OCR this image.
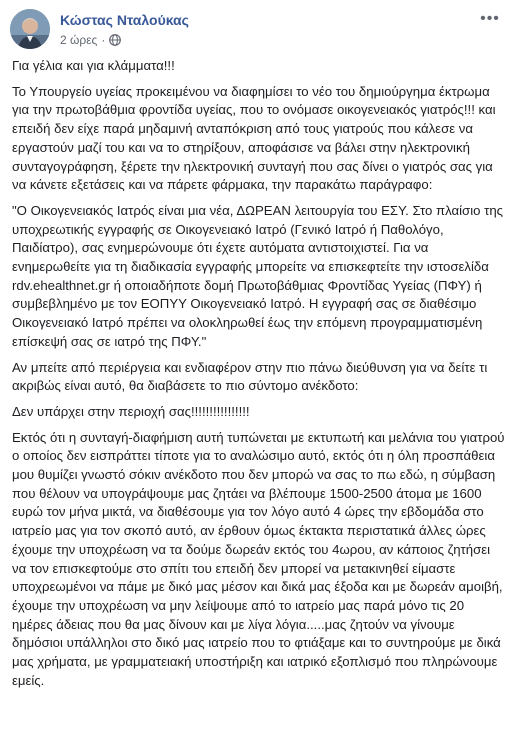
Κώστας Νταλούκας
2 ώρες ·
•••

Για γέλια και για κλάμματα!!!

Το Υπουργείο υγείας προκειμένου να διαφημίσει το νέο του δημιούργημα έκτρωμα για την πρωτοβάθμια φροντίδα υγείας, που το ονόμασε οικογενειακός γιατρός!!! και επειδή δεν είχε παρά μηδαμινή ανταπόκριση από τους γιατρούς που κάλεσε να εργαστούν μαζί του και να το στηρίξουν, αποφάσισε να βάλει στην ηλεκτρονική συνταγογράφηση, ξέρετε την ηλεκτρονική συνταγή που σας δίνει ο γιατρός σας για να κάνετε εξετάσεις και να πάρετε φάρμακα, την παρακάτω παράγραφο:

"Ο Οικογενειακός Ιατρός είναι μια νέα, ΔΩΡΕΑΝ λειτουργία του ΕΣΥ. Στο πλαίσιο της υποχρεωτικής εγγραφής σε Οικογενειακό Ιατρό (Γενικό Ιατρό ή Παθολόγο, Παιδίατρο), σας ενημερώνουμε ότι έχετε αυτόματα αντιστοιχιστεί. Για να ενημερωθείτε για τη διαδικασία εγγραφής μπορείτε να επισκεφτείτε την ιστοσελίδα rdv.ehealthnet.gr ή οποιαδήποτε δομή Πρωτοβάθμιας Φροντίδας Υγείας (ΠΦΥ) ή συμβεβλημένο με τον ΕΟΠΥΥ Οικογενειακό Ιατρό. Η εγγραφή σας σε διαθέσιμο Οικογενειακό Ιατρό πρέπει να ολοκληρωθεί έως την επόμενη προγραμματισμένη επίσκεψή σας σε ιατρό της ΠΦΥ."

Αν μπείτε από περιέργεια και ενδιαφέρον στην πιο πάνω διεύθυνση για να δείτε τι ακριβώς είναι αυτό, θα διαβάσετε το πιο σύντομο ανέκδοτο:

Δεν υπάρχει στην περιοχή σας!!!!!!!!!!!!!!!!

Εκτός ότι η συνταγή-διαφήμιση αυτή τυπώνεται με εκτυπωτή και μελάνια του γιατρού ο οποίος δεν εισπράττει τίποτε για το αναλώσιμο αυτό, εκτός ότι η όλη προσπάθεια μου θυμίζει γνωστό σόκιν ανέκδοτο που δεν μπορώ να σας το πω εδώ, η σύμβαση που θέλουν να υπογράψουμε μας ζητάει να βλέπουμε 1500-2500 άτομα με 1600 ευρώ τον μήνα μικτά, να διαθέσουμε για τον λόγο αυτό 4 ώρες την εβδομάδα στο ιατρείο μας για τον σκοπό αυτό, αν έρθουν όμως έκτακτα περιστατικά άλλες ώρες έχουμε την υποχρέωση να τα δούμε δωρεάν εκτός του 4ωρου, αν κάποιος ζητήσει να τον επισκεφτούμε στο σπίτι του επειδή δεν μπορεί να μετακινηθεί είμαστε υποχρεωμένοι να πάμε με δικό μας μέσον και δικά μας έξοδα και με δωρεάν αμοιβή, έχουμε την υποχρέωση να μην λείψουμε από το ιατρείο μας παρά μόνο τις 20 ημέρες άδειας που θα μας δίνουν και με λίγα λόγια.....μας ζητούν να γίνουμε δημόσιοι υπάλληλοι στο δικό μας ιατρείο που το φτιάξαμε και το συντηρούμε με δικά μας χρήματα, με γραμματειακή υποστήριξη και ιατρικό εξοπλισμό που πληρώνουμε εμείς.
